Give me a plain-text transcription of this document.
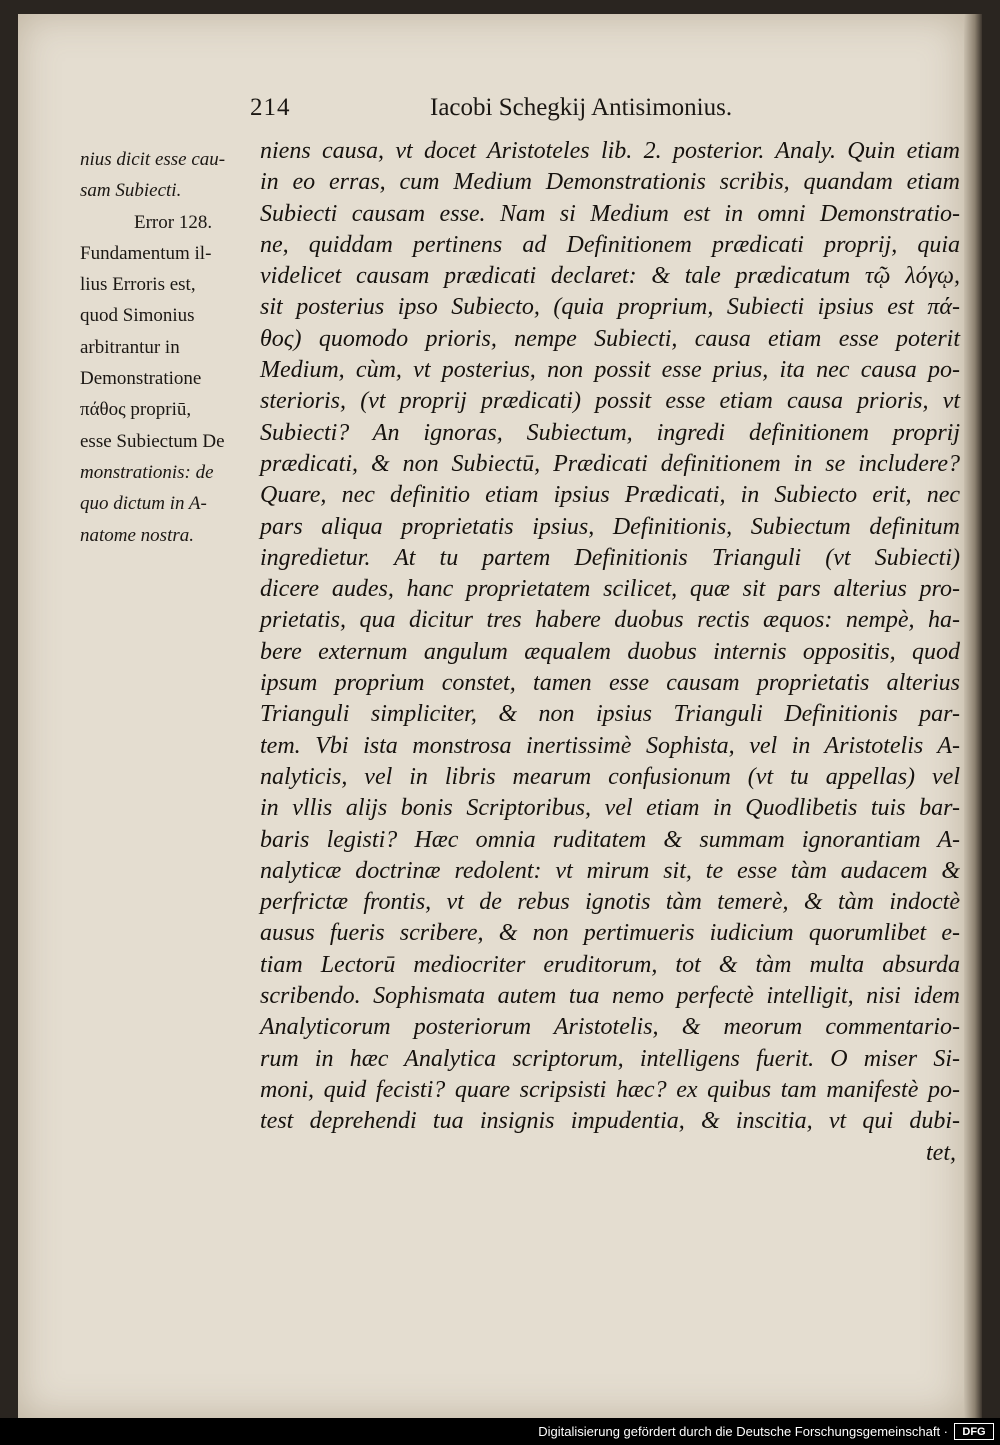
214	Iacobi Schegkij Antisimonius.
nius dicit esse cau-
sam Subiecti.
Error 128.
Fundamentum il-
lius Erroris est,
quod Simonius
arbitrantur in
Demonstratione
πάθος propriū,
esse Subiectum De
monstrationis: de
quo dictum in A-
natome nostra.
niens causa, vt docet Aristoteles lib. 2. posterior. Analy. Quin etiam
in eo erras, cum Medium Demonstrationis scribis, quandam etiam
Subiecti causam esse. Nam si Medium est in omni Demonstratio-
ne, quiddam pertinens ad Definitionem prædicati proprij, quia
videlicet causam prædicati declaret: & tale prædicatum τῷ λόγῳ,
sit posterius ipso Subiecto, (quia proprium, Subiecti ipsius est πά-
θος) quomodo prioris, nempe Subiecti, causa etiam esse poterit
Medium, cùm, vt posterius, non possit esse prius, ita nec causa po-
sterioris, (vt proprij prædicati) possit esse etiam causa prioris, vt
Subiecti? An ignoras, Subiectum, ingredi definitionem proprij
prædicati, & non Subiectū, Prædicati definitionem in se includere?
Quare, nec definitio etiam ipsius Prædicati, in Subiecto erit, nec
pars aliqua proprietatis ipsius, Definitionis, Subiectum definitum
ingredietur. At tu partem Definitionis Trianguli (vt Subiecti)
dicere audes, hanc proprietatem scilicet, quæ sit pars alterius pro-
prietatis, qua dicitur tres habere duobus rectis æquos: nempè, ha-
bere externum angulum æqualem duobus internis oppositis, quod
ipsum proprium constet, tamen esse causam proprietatis alterius
Trianguli simpliciter, & non ipsius Trianguli Definitionis par-
tem. Vbi ista monstrosa inertissimè Sophista, vel in Aristotelis A-
nalyticis, vel in libris mearum confusionum (vt tu appellas) vel
in vllis alijs bonis Scriptoribus, vel etiam in Quodlibetis tuis bar-
baris legisti? Hæc omnia ruditatem & summam ignorantiam A-
nalyticæ doctrinæ redolent: vt mirum sit, te esse tàm audacem &
perfrictæ frontis, vt de rebus ignotis tàm temerè, & tàm indoctè
ausus fueris scribere, & non pertimueris iudicium quorumlibet e-
tiam Lectorū mediocriter eruditorum, tot & tàm multa absurda
scribendo. Sophismata autem tua nemo perfectè intelligit, nisi idem
Analyticorum posteriorum Aristotelis, & meorum commentario-
rum in hæc Analytica scriptorum, intelligens fuerit. O miser Si-
moni, quid fecisti? quare scripsisti hæc? ex quibus tam manifestè po-
test deprehendi tua insignis impudentia, & inscitia, vt qui dubi-
tet,
Digitalisierung gefördert durch die Deutsche Forschungsgemeinschaft ·	DFG
